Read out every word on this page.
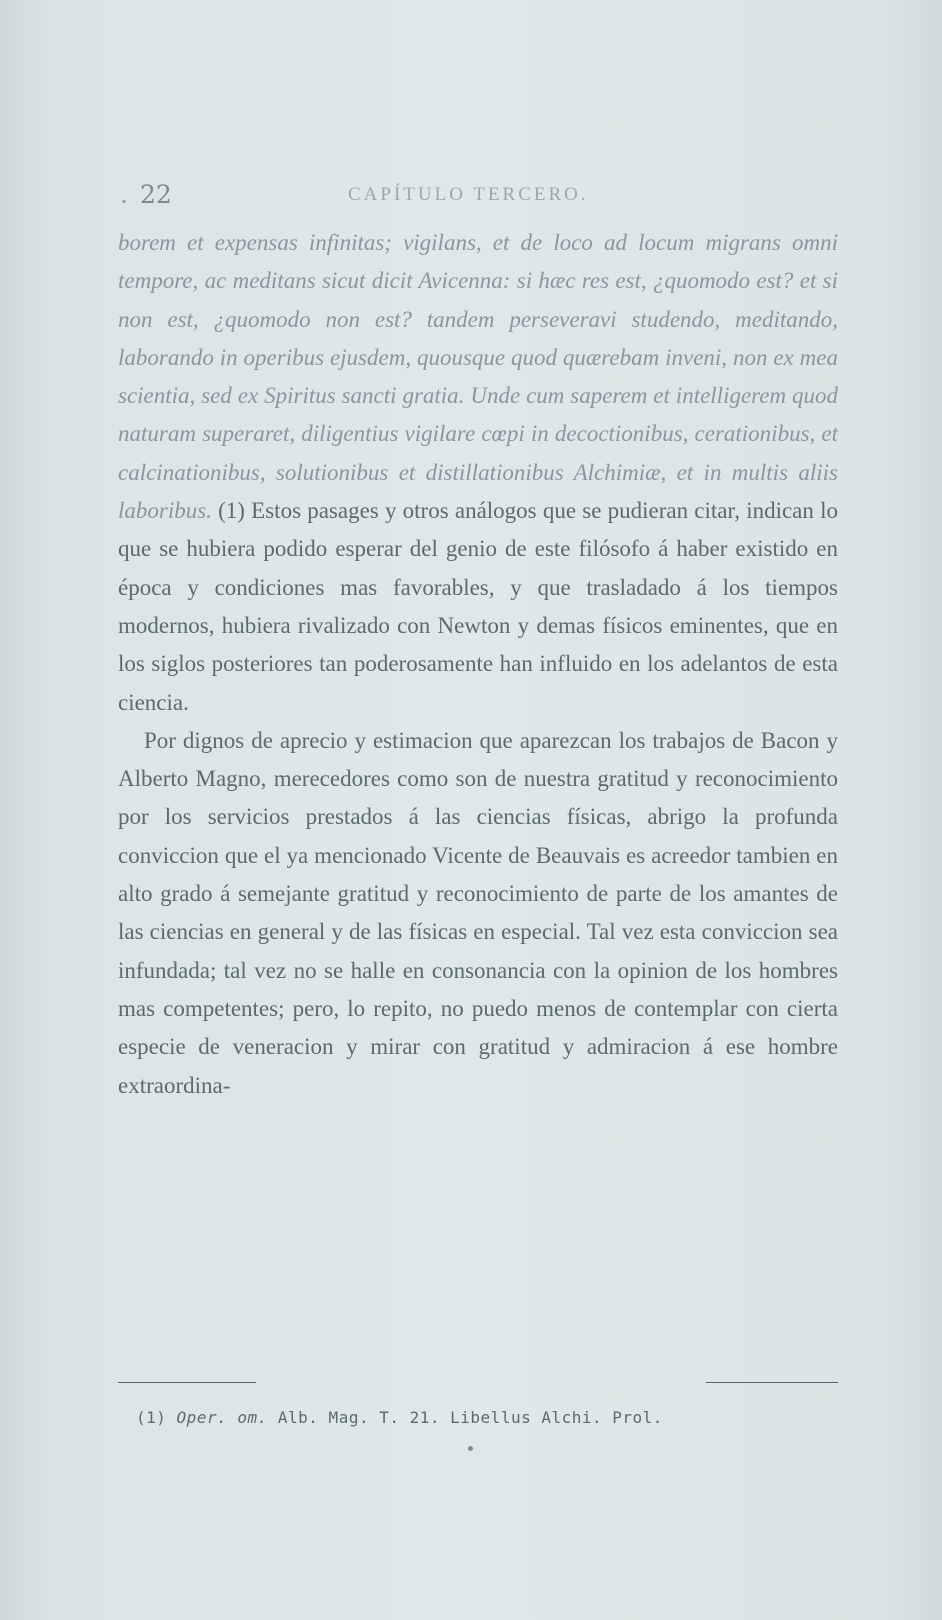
. 22	CAPÍTULO TERCERO.

borem et expensas infinitas; vigilans, et de loco ad locum migrans omni tempore, ac meditans sicut dicit Avicenna: si hæc res est, ¿quomodo est? et si non est, ¿quomodo non est? tandem perseveravi studendo, meditando, laborando in operibus ejusdem, quousque quod quærebam inveni, non ex mea scientia, sed ex Spiritus sancti gratia. Unde cum saperem et intelligerem quod naturam superaret, diligentius vigilare cœpi in decoctionibus, cerationibus, et calcinationibus, solutionibus et distillationibus Alchimiæ, et in multis aliis laboribus. (1) Estos pasages y otros análogos que se pudieran citar, indican lo que se hubiera podido esperar del genio de este filósofo á haber existido en época y condiciones mas favorables, y que trasladado á los tiempos modernos, hubiera rivalizado con Newton y demas físicos eminentes, que en los siglos posteriores tan poderosamente han influido en los adelantos de esta ciencia.

Por dignos de aprecio y estimacion que aparezcan los trabajos de Bacon y Alberto Magno, merecedores como son de nuestra gratitud y reconocimiento por los servicios prestados á las ciencias físicas, abrigo la profunda conviccion que el ya mencionado Vicente de Beauvais es acreedor tambien en alto grado á semejante gratitud y reconocimiento de parte de los amantes de las ciencias en general y de las físicas en especial. Tal vez esta conviccion sea infundada; tal vez no se halle en consonancia con la opinion de los hombres mas competentes; pero, lo repito, no puedo menos de contemplar con cierta especie de veneracion y mirar con gratitud y admiracion á ese hombre extraordina-

(1) Oper. om. Alb. Mag. T. 21. Libellus Alchi. Prol.
